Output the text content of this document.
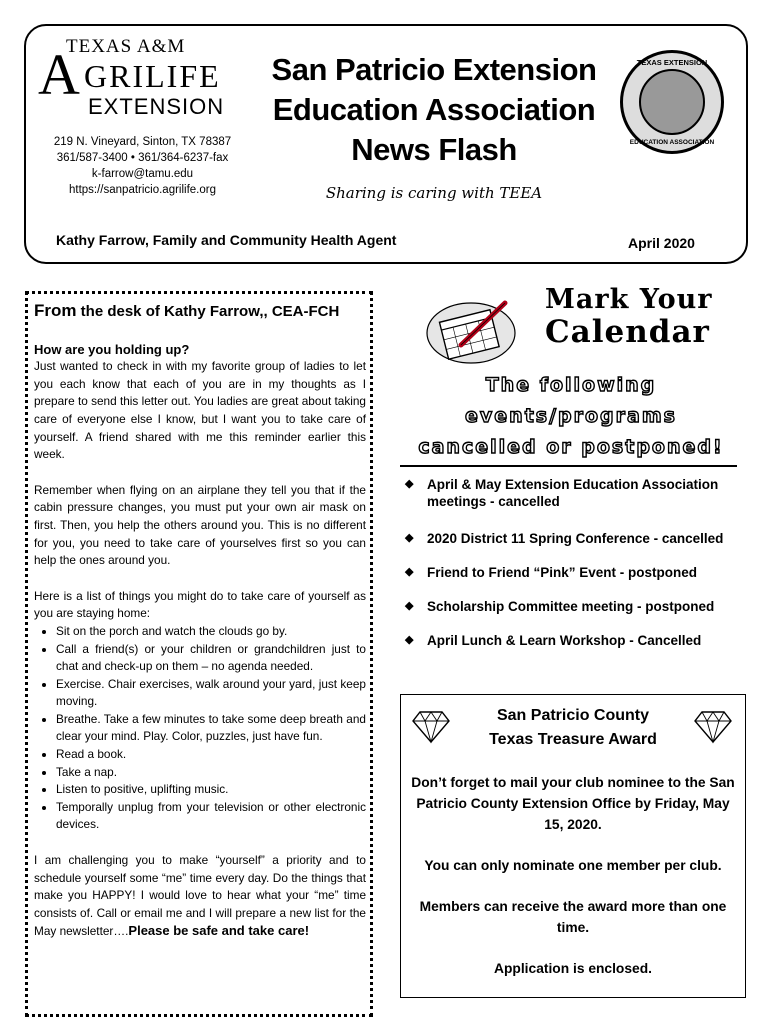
TEXAS A&M
A GRILIFE
EXTENSION
219 N. Vineyard, Sinton, TX 78387
361/587-3400 • 361/364-6237-fax
k-farrow@tamu.edu
https://sanpatricio.agrilife.org
San Patricio Extension
Education Association
News Flash
Sharing is caring with TEEA
TEXAS EXTENSION
EDUCATION ASSOCIATION
Kathy Farrow, Family and Community Health Agent	April 2020
From the desk of Kathy Farrow,, CEA-FCH
How are you holding up?

Just wanted to check in with my favorite group of ladies to let you each know that each of you are in my thoughts as I prepare to send this letter out. You ladies are great about taking care of everyone else I know, but I want you to take care of yourself. A friend shared with me this reminder earlier this week.

Remember when flying on an airplane they tell you that if the cabin pressure changes, you must put your own air mask on first. Then, you help the others around you. This is no different for you, you need to take care of yourselves first so you can help the ones around you.

Here is a list of things you might do to take care of yourself as you are staying home:
• Sit on the porch and watch the clouds go by.
• Call a friend(s) or your children or grandchildren just to chat and check-up on them – no agenda needed.
• Exercise. Chair exercises, walk around your yard, just keep moving.
• Breathe. Take a few minutes to take some deep breath and clear your mind. Play. Color, puzzles, just have fun.
• Read a book.
• Take a nap.
• Listen to positive, uplifting music.
• Temporally unplug from your television or other electronic devices.
I am challenging you to make “yourself” a priority and to schedule yourself some “me” time every day. Do the things that make you HAPPY! I would love to hear what your “me” time consists of. Call or email me and I will prepare a new list for the May newsletter….Please be safe and take care!
Mark Your
Calendar
The following
events/programs
cancelled or postponed!
◆ April & May Extension Education Association meetings - cancelled
◆ 2020 District 11 Spring Conference - cancelled
◆ Friend to Friend “Pink” Event - postponed
◆ Scholarship Committee meeting - postponed
◆ April Lunch & Learn Workshop - Cancelled
San Patricio County
Texas Treasure Award

Don’t forget to mail your club nominee to the San Patricio County Extension Office by Friday, May 15, 2020.

You can only nominate one member per club.

Members can receive the award more than one time.

Application is enclosed.
